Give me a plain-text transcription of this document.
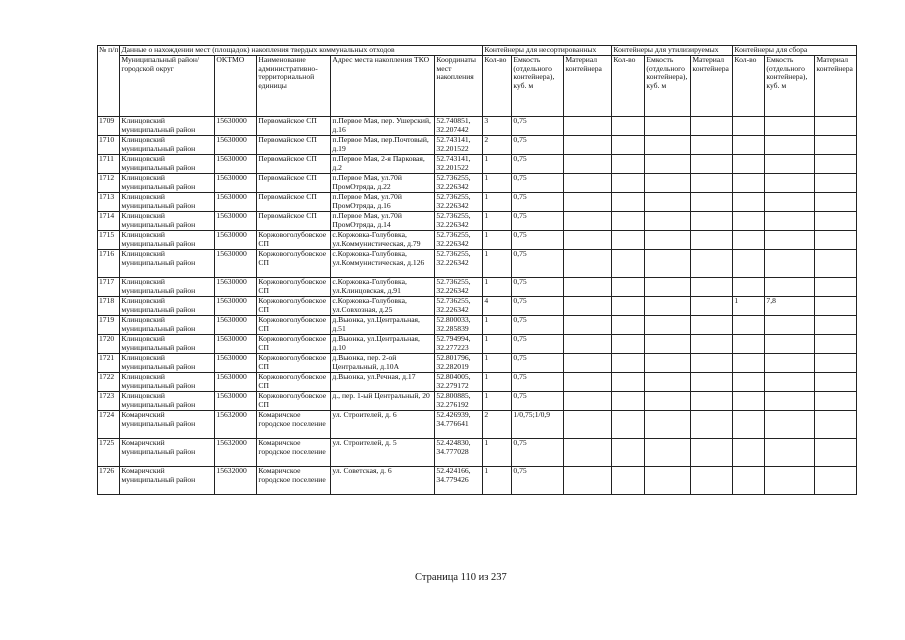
№ п/п	Данные о нахождении мест (площадок) накопления твердых коммунальных отходов					Контейнеры для несортированных			Контейнеры для утилизируемых			Контейнеры для сбора		
	Муниципальный район/городской округ	OKTMO	Наименование административно-территориальной единицы	Адрес места накопления ТКО	Координаты мест накопления	Кол-во	Емкость (отдельного контейнера), куб. м	Материал контейнера	Кол-во	Емкость (отдельного контейнера), куб. м	Материал контейнера	Кол-во	Емкость (отдельного контейнера), куб. м	Материал контейнера
1709	Клинцовский муниципальный район	15630000	Первомайское СП	п.Первое Мая, пер. Ушерский, д.16	52.740851, 32.207442	3	0,75							
1710	Клинцовский муниципальный район	15630000	Первомайское СП	п.Первое Мая, пер.Почтовый, д.19	52.743141, 32.201522	2	0,75							
1711	Клинцовский муниципальный район	15630000	Первомайское СП	п.Первое Мая, 2-я Парковая, д.2	52.743141, 32.201522	1	0,75							
1712	Клинцовский муниципальный район	15630000	Первомайское СП	п.Первое Мая, ул.70й ПромОтряда, д.22	52.736255, 32.226342	1	0,75							
1713	Клинцовский муниципальный район	15630000	Первомайское СП	п.Первое Мая, ул.70й ПромОтряда, д.16	52.736255, 32.226342	1	0,75							
1714	Клинцовский муниципальный район	15630000	Первомайское СП	п.Первое Мая, ул.70й ПромОтряда, д.14	52.736255, 32.226342	1	0,75							
1715	Клинцовский муниципальный район	15630000	Коржовоголубовское СП	с.Коржовка-Голубовка, ул.Коммунистическая, д.79	52.736255, 32.226342	1	0,75							
1716	Клинцовский муниципальный район	15630000	Коржовоголубовское СП	с.Коржовка-Голубовка, ул.Коммунистическая, д.126	52.736255, 32.226342	1	0,75							
1717	Клинцовский муниципальный район	15630000	Коржовоголубовское СП	с.Коржовка-Голубовка, ул.Клинцовская, д.91	52.736255, 32.226342	1	0,75							
1718	Клинцовский муниципальный район	15630000	Коржовоголубовское СП	с.Коржовка-Голубовка, ул.Совхозная, д.25	52.736255, 32.226342	4	0,75					1	7,8	
1719	Клинцовский муниципальный район	15630000	Коржовоголубовское СП	д.Вьюнка, ул.Центральная, д.51	52.800033, 32.285839	1	0,75							
1720	Клинцовский муниципальный район	15630000	Коржовоголубовское СП	д.Вьюнка, ул.Центральная, д.10	52.794994, 32.277223	1	0,75							
1721	Клинцовский муниципальный район	15630000	Коржовоголубовское СП	д.Вьюнка, пер. 2-ой Центральный, д.10А	52.801796, 32.282019	1	0,75							
1722	Клинцовский муниципальный район	15630000	Коржовоголубовское СП	д.Вьюнка, ул.Речная, д.17	52.804005, 32.279172	1	0,75							
1723	Клинцовский муниципальный район	15630000	Коржовоголубовское СП	д., пер. 1-ый Центральный, 20	52.800885, 32.276192	1	0,75							
1724	Комаричский муниципальный район	15632000	Комаричское городское поселение	ул. Строителей, д. 6	52.426939, 34.776641	2	1/0,75;1/0,9							
1725	Комаричский муниципальный район	15632000	Комаричское городское поселение	ул. Строителей, д. 5	52.424830, 34.777028	1	0,75							
1726	Комаричский муниципальный район	15632000	Комаричское городское поселение	ул. Советская, д. 6	52.424166, 34.779426	1	0,75							
Страница 110 из 237
